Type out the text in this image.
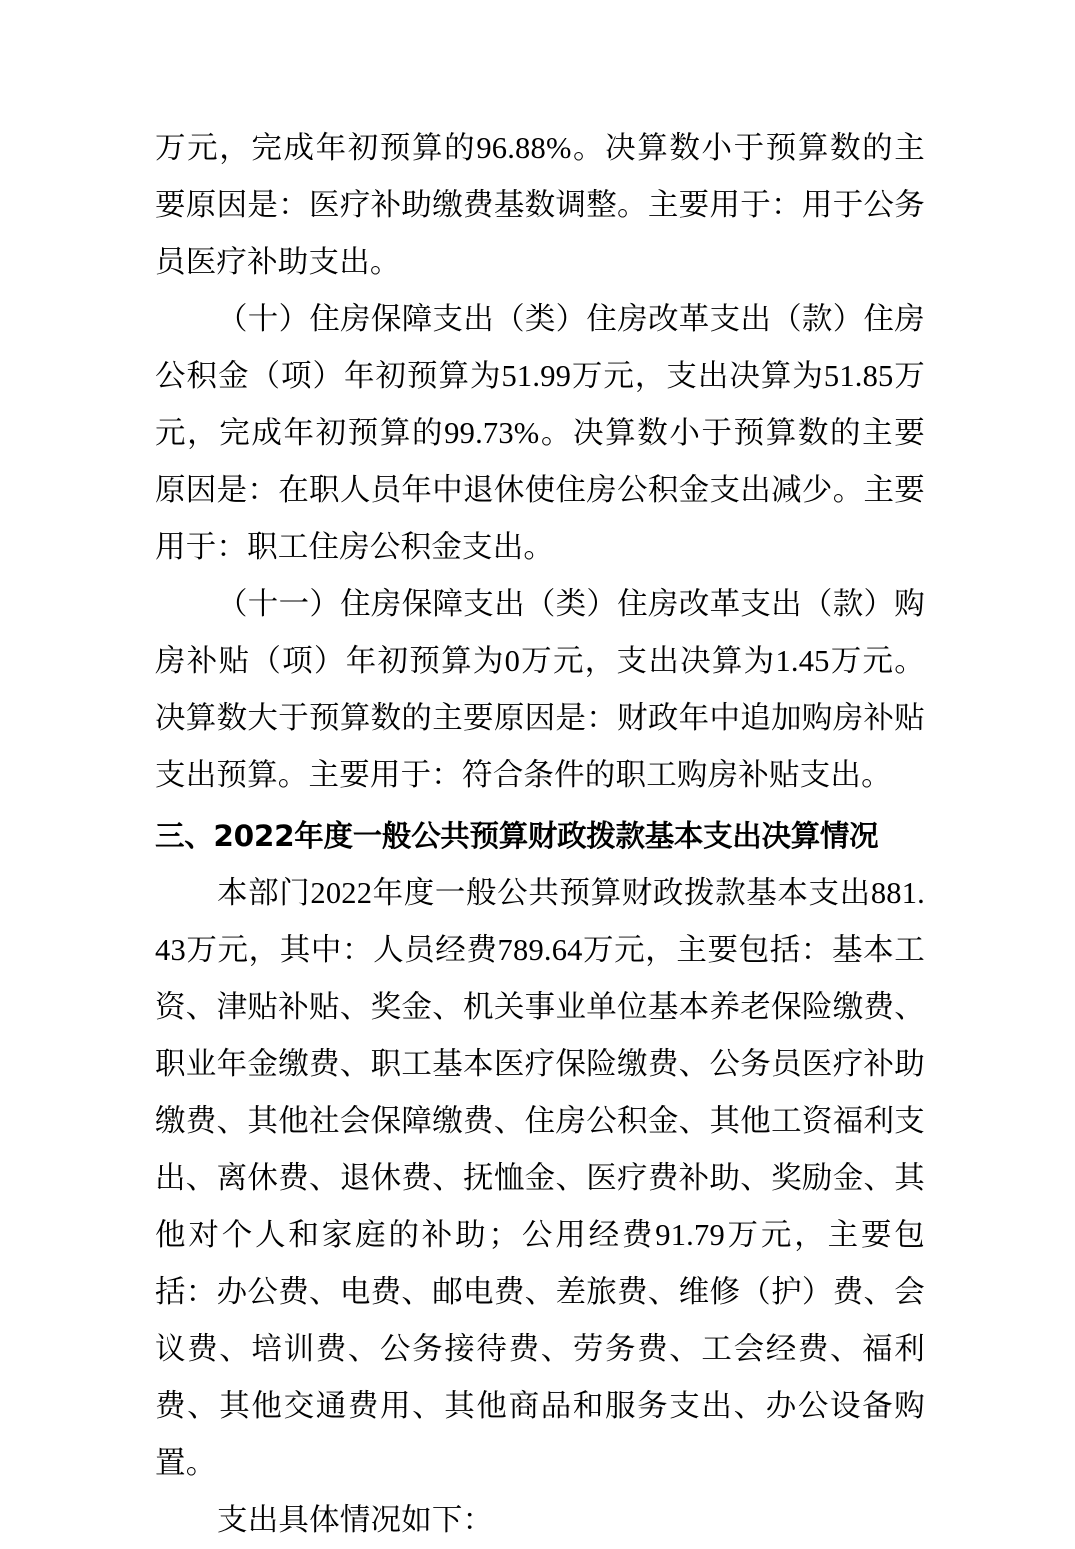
万元，完成年初预算的96.88%。决算数小于预算数的主要原因是：医疗补助缴费基数调整。主要用于：用于公务员医疗补助支出。

（十）住房保障支出（类）住房改革支出（款）住房公积金（项）年初预算为51.99万元，支出决算为51.85万元，完成年初预算的99.73%。决算数小于预算数的主要原因是：在职人员年中退休使住房公积金支出减少。主要用于：职工住房公积金支出。

（十一）住房保障支出（类）住房改革支出（款）购房补贴（项）年初预算为0万元，支出决算为1.45万元。决算数大于预算数的主要原因是：财政年中追加购房补贴支出预算。主要用于：符合条件的职工购房补贴支出。

三、2022年度一般公共预算财政拨款基本支出决算情况

本部门2022年度一般公共预算财政拨款基本支出881.43万元，其中：人员经费789.64万元，主要包括：基本工资、津贴补贴、奖金、机关事业单位基本养老保险缴费、职业年金缴费、职工基本医疗保险缴费、公务员医疗补助缴费、其他社会保障缴费、住房公积金、其他工资福利支出、离休费、退休费、抚恤金、医疗费补助、奖励金、其他对个人和家庭的补助；公用经费91.79万元，主要包括：办公费、电费、邮电费、差旅费、维修（护）费、会议费、培训费、公务接待费、劳务费、工会经费、福利费、其他交通费用、其他商品和服务支出、办公设备购置。

支出具体情况如下：
